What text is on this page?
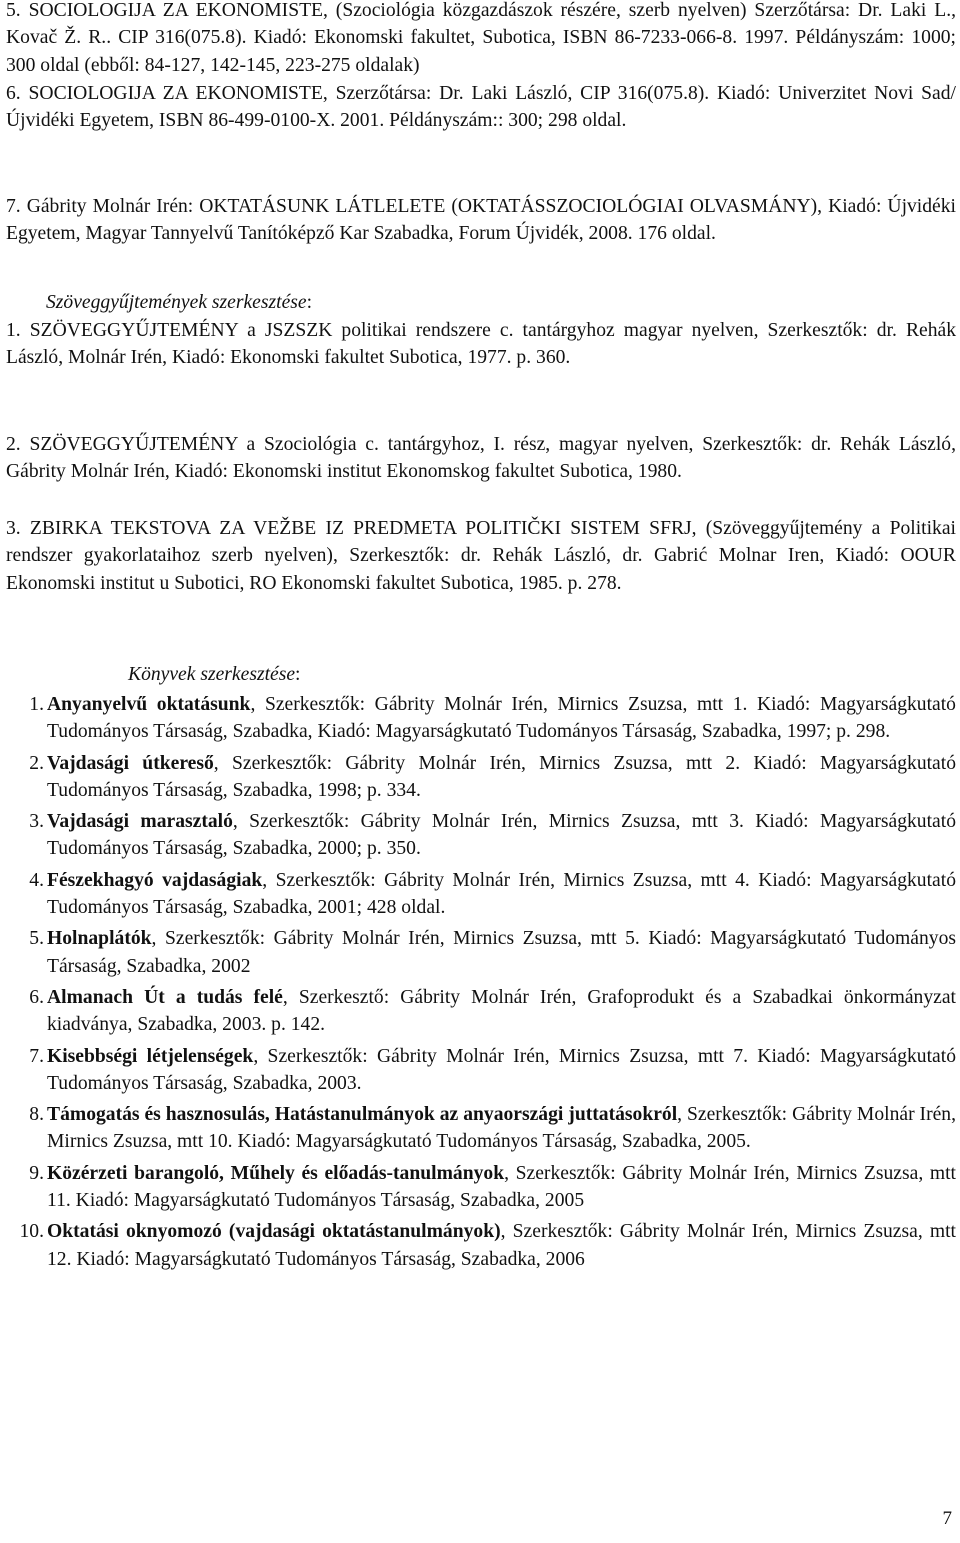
5. SOCIOLOGIJA ZA EKONOMISTE, (Szociológia közgazdászok részére, szerb nyelven) Szerzőtársa: Dr. Laki L., Kovač Ž. R.. CIP 316(075.8). Kiadó: Ekonomski fakultet, Subotica, ISBN 86-7233-066-8. 1997. Példányszám: 1000; 300 oldal (ebből: 84-127, 142-145, 223-275 oldalak)
6. SOCIOLOGIJA ZA EKONOMISTE, Szerzőtársa: Dr. Laki László, CIP 316(075.8). Kiadó: Univerzitet Novi Sad/Újvidéki Egyetem, ISBN 86-499-0100-X. 2001. Példányszám:: 300; 298 oldal.
7. Gábrity Molnár Irén: OKTATÁSUNK LÁTLELETE (OKTATÁSSZOCIOLÓGIAI OLVASMÁNY), Kiadó: Újvidéki Egyetem, Magyar Tannyelvű Tanítóképző Kar Szabadka, Forum Újvidék, 2008. 176 oldal.
Szöveggyűjtemények szerkesztése:
1. SZÖVEGGYŰJTEMÉNY a JSZSZK politikai rendszere c. tantárgyhoz magyar nyelven, Szerkesztők: dr. Rehák László, Molnár Irén, Kiadó: Ekonomski fakultet Subotica, 1977. p. 360.
2. SZÖVEGGYŰJTEMÉNY a Szociológia c. tantárgyhoz, I. rész, magyar nyelven, Szerkesztők: dr. Rehák László, Gábrity Molnár Irén, Kiadó: Ekonomski institut Ekonomskog fakultet Subotica, 1980.
3. ZBIRKA TEKSTOVA ZA VEŽBE IZ PREDMETA POLITIČKI SISTEM SFRJ, (Szöveggyűjtemény a Politikai rendszer gyakorlataihoz szerb nyelven), Szerkesztők: dr. Rehák László, dr. Gabrić Molnar Iren, Kiadó: OOUR Ekonomski institut u Subotici, RO Ekonomski fakultet Subotica, 1985. p. 278.
Könyvek szerkesztése:
1. Anyanyelvű oktatásunk, Szerkesztők: Gábrity Molnár Irén, Mirnics Zsuzsa, mtt 1. Kiadó: Magyarságkutató Tudományos Társaság, Szabadka, Kiadó: Magyarságkutató Tudományos Társaság, Szabadka, 1997; p. 298.
2. Vajdasági útkereső, Szerkesztők: Gábrity Molnár Irén, Mirnics Zsuzsa, mtt 2. Kiadó: Magyarságkutató Tudományos Társaság, Szabadka, 1998; p. 334.
3. Vajdasági marasztaló, Szerkesztők: Gábrity Molnár Irén, Mirnics Zsuzsa, mtt 3. Kiadó: Magyarságkutató Tudományos Társaság, Szabadka, 2000; p. 350.
4. Fészekhagyó vajdaságiak, Szerkesztők: Gábrity Molnár Irén, Mirnics Zsuzsa, mtt 4. Kiadó: Magyarságkutató Tudományos Társaság, Szabadka, 2001; 428 oldal.
5. Holnaplátók, Szerkesztők: Gábrity Molnár Irén, Mirnics Zsuzsa, mtt 5. Kiadó: Magyarságkutató Tudományos Társaság, Szabadka, 2002
6. Almanach Út a tudás felé, Szerkesztő: Gábrity Molnár Irén, Grafoprodukt és a Szabadkai önkormányzat kiadványa, Szabadka, 2003. p. 142.
7. Kisebbségi létjelenségek, Szerkesztők: Gábrity Molnár Irén, Mirnics Zsuzsa, mtt 7. Kiadó: Magyarságkutató Tudományos Társaság, Szabadka, 2003.
8. Támogatás és hasznosulás, Hatástanulmányok az anyaországi juttatásokról, Szerkesztők: Gábrity Molnár Irén, Mirnics Zsuzsa, mtt 10. Kiadó: Magyarságkutató Tudományos Társaság, Szabadka, 2005.
9. Közérzeti barangoló, Műhely és előadás-tanulmányok, Szerkesztők: Gábrity Molnár Irén, Mirnics Zsuzsa, mtt 11. Kiadó: Magyarságkutató Tudományos Társaság, Szabadka, 2005
10. Oktatási oknyomozó (vajdasági oktatástanulmányok), Szerkesztők: Gábrity Molnár Irén, Mirnics Zsuzsa, mtt 12. Kiadó: Magyarságkutató Tudományos Társaság, Szabadka, 2006
7
